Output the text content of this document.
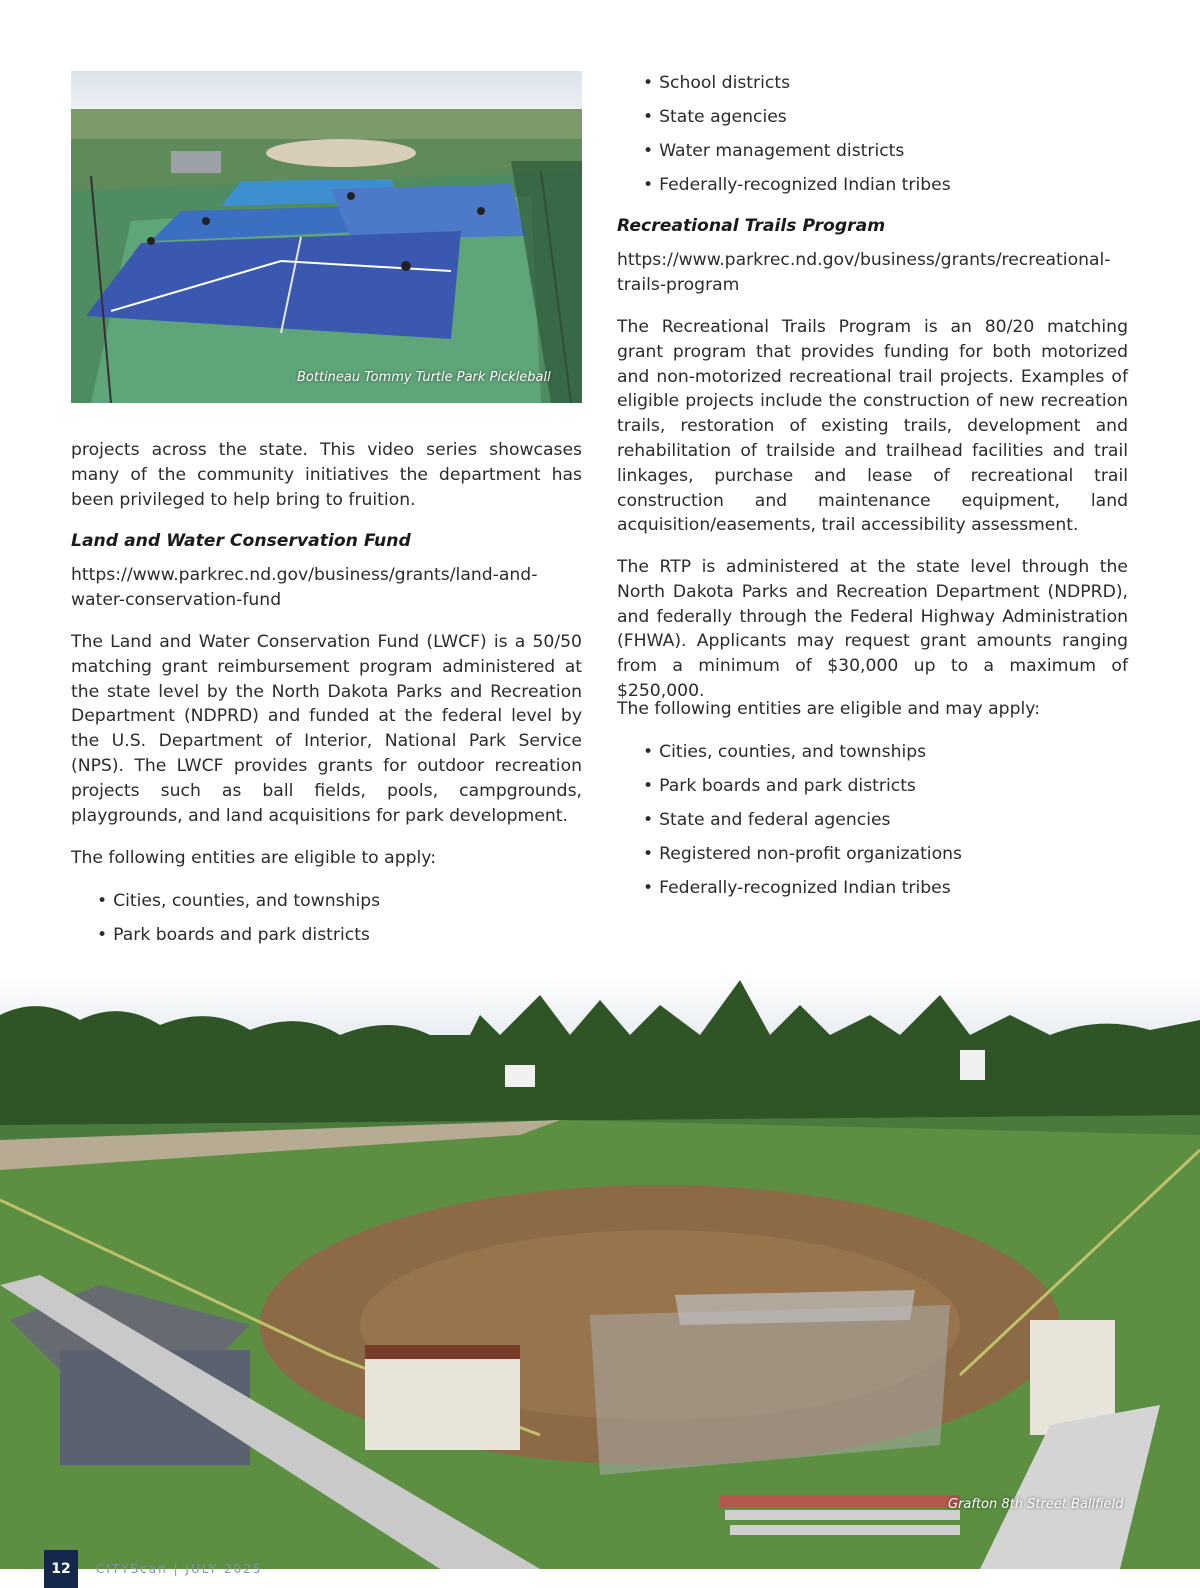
Bottineau Tommy Turtle Park Pickleball

projects across the state. This video series showcases many of the community initiatives the department has been privileged to help bring to fruition.

Land and Water Conservation Fund

https://www.parkrec.nd.gov/business/grants/land-and-water-conservation-fund

The Land and Water Conservation Fund (LWCF) is a 50/50 matching grant reimbursement program administered at the state level by the North Dakota Parks and Recreation Department (NDPRD) and funded at the federal level by the U.S. Department of Interior, National Park Service (NPS). The LWCF provides grants for outdoor recreation projects such as ball fields, pools, campgrounds, playgrounds, and land acquisitions for park development.

The following entities are eligible to apply:

• Cities, counties, and townships
• Park boards and park districts
• School districts
• State agencies
• Water management districts
• Federally-recognized Indian tribes
Recreational Trails Program

https://www.parkrec.nd.gov/business/grants/recreational-trails-program

The Recreational Trails Program is an 80/20 matching grant program that provides funding for both motorized and non-motorized recreational trail projects. Examples of eligible projects include the construction of new recreation trails, restoration of existing trails, development and rehabilitation of trailside and trailhead facilities and trail linkages, purchase and lease of recreational trail construction and maintenance equipment, land acquisition/easements, trail accessibility assessment.

The RTP is administered at the state level through the North Dakota Parks and Recreation Department (NDPRD), and federally through the Federal Highway Administration (FHWA). Applicants may request grant amounts ranging from a minimum of $30,000 up to a maximum of $250,000.

The following entities are eligible and may apply:

• Cities, counties, and townships
• Park boards and park districts
• State and federal agencies
• Registered non-profit organizations
• Federally-recognized Indian tribes
Grafton 8th Street Ballfield
12	CITYScan | JULY 2025
